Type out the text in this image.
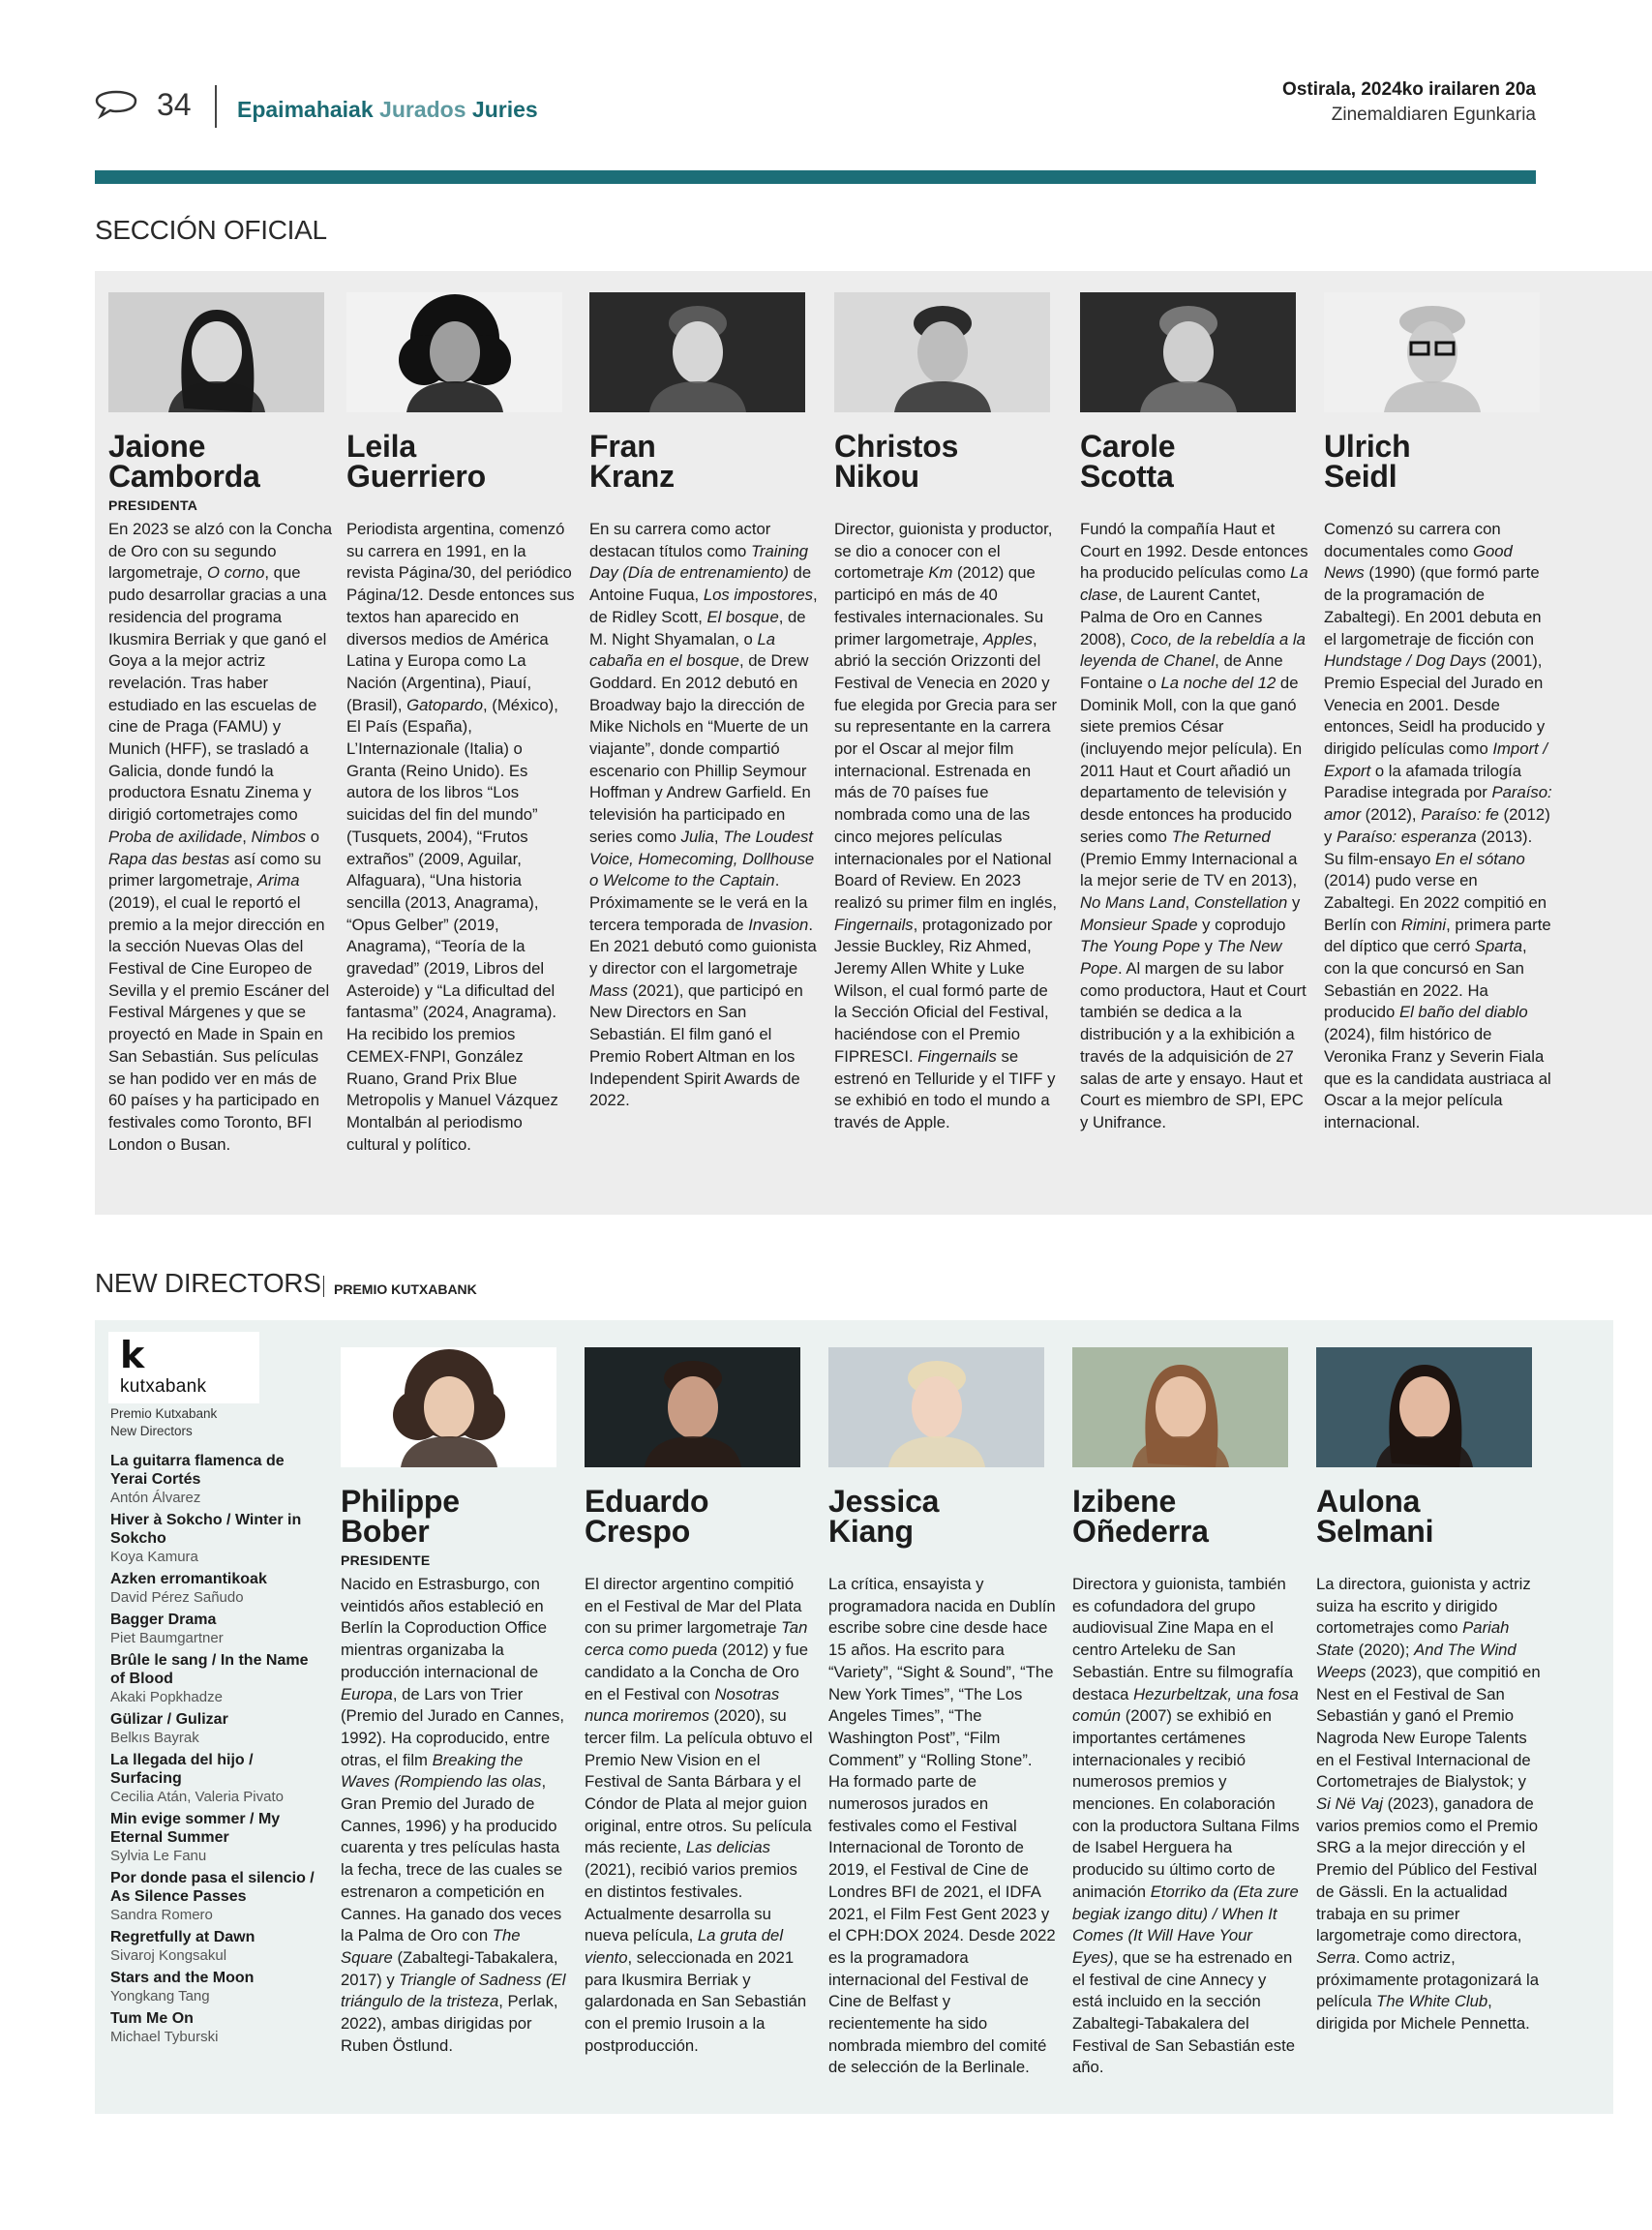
34 Epaimahaiak Jurados Juries
Ostirala, 2024ko irailaren 20a
Zinemaldiaren Egunkaria
SECCIÓN OFICIAL
Jaione
Camborda
PRESIDENTA
En 2023 se alzó con la Concha de Oro con su segundo largometraje, O corno, que pudo desarrollar gracias a una residencia del programa Ikusmira Berriak y que ganó el Goya a la mejor actriz revelación. Tras haber estudiado en las escuelas de cine de Praga (FAMU) y Munich (HFF), se trasladó a Galicia, donde fundó la productora Esnatu Zinema y dirigió cortometrajes como Proba de axilidade, Nimbos o Rapa das bestas así como su primer largometraje, Arima (2019), el cual le reportó el premio a la mejor dirección en la sección Nuevas Olas del Festival de Cine Europeo de Sevilla y el premio Escáner del Festival Márgenes y que se proyectó en Made in Spain en San Sebastián. Sus películas se han podido ver en más de 60 países y ha participado en festivales como Toronto, BFI London o Busan.
Leila
Guerriero
Periodista argentina, comenzó su carrera en 1991, en la revista Página/30, del periódico Página/12. Desde entonces sus textos han aparecido en diversos medios de América Latina y Europa como La Nación (Argentina), Piauí, (Brasil), Gatopardo, (México), El País (España), L’Internazionale (Italia) o Granta (Reino Unido). Es autora de los libros “Los suicidas del fin del mundo” (Tusquets, 2004), “Frutos extraños” (2009, Aguilar, Alfaguara), “Una historia sencilla (2013, Anagrama), “Opus Gelber” (2019, Anagrama), “Teoría de la gravedad” (2019, Libros del Asteroide) y “La dificultad del fantasma” (2024, Anagrama). Ha recibido los premios CEMEX-FNPI, González Ruano, Grand Prix Blue Metropolis y Manuel Vázquez Montalbán al periodismo cultural y político.
Fran
Kranz
En su carrera como actor destacan títulos como Training Day (Día de entrenamiento) de Antoine Fuqua, Los impostores, de Ridley Scott, El bosque, de M. Night Shyamalan, o La cabaña en el bosque, de Drew Goddard. En 2012 debutó en Broadway bajo la dirección de Mike Nichols en “Muerte de un viajante”, donde compartió escenario con Phillip Seymour Hoffman y Andrew Garfield. En televisión ha participado en series como Julia, The Loudest Voice, Homecoming, Dollhouse o Welcome to the Captain. Próximamente se le verá en la tercera temporada de Invasion. En 2021 debutó como guionista y director con el largometraje Mass (2021), que participó en New Directors en San Sebastián. El film ganó el Premio Robert Altman en los Independent Spirit Awards de 2022.
Christos
Nikou
Director, guionista y productor, se dio a conocer con el cortometraje Km (2012) que participó en más de 40 festivales internacionales. Su primer largometraje, Apples, abrió la sección Orizzonti del Festival de Venecia en 2020 y fue elegida por Grecia para ser su representante en la carrera por el Oscar al mejor film internacional. Estrenada en más de 70 países fue nombrada como una de las cinco mejores películas internacionales por el National Board of Review. En 2023 realizó su primer film en inglés, Fingernails, protagonizado por Jessie Buckley, Riz Ahmed, Jeremy Allen White y Luke Wilson, el cual formó parte de la Sección Oficial del Festival, haciéndose con el Premio FIPRESCI. Fingernails se estrenó en Telluride y el TIFF y se exhibió en todo el mundo a través de Apple.
Carole
Scotta
Fundó la compañía Haut et Court en 1992. Desde entonces ha producido películas como La clase, de Laurent Cantet, Palma de Oro en Cannes 2008), Coco, de la rebeldía a la leyenda de Chanel, de Anne Fontaine o La noche del 12 de Dominik Moll, con la que ganó siete premios César (incluyendo mejor película). En 2011 Haut et Court añadió un departamento de televisión y desde entonces ha producido series como The Returned (Premio Emmy Internacional a la mejor serie de TV en 2013), No Mans Land, Constellation y Monsieur Spade y coprodujo The Young Pope y The New Pope. Al margen de su labor como productora, Haut et Court también se dedica a la distribución y a la exhibición a través de la adquisición de 27 salas de arte y ensayo. Haut et Court es miembro de SPI, EPC y Unifrance.
Ulrich
Seidl
Comenzó su carrera con documentales como Good News (1990) (que formó parte de la programación de Zabaltegi). En 2001 debuta en el largometraje de ficción con Hundstage / Dog Days (2001), Premio Especial del Jurado en Venecia en 2001. Desde entonces, Seidl ha producido y dirigido películas como Import / Export o la afamada trilogía Paradise integrada por Paraíso: amor (2012), Paraíso: fe (2012) y Paraíso: esperanza (2013). Su film-ensayo En el sótano (2014) pudo verse en Zabaltegi. En 2022 compitió en Berlín con Rimini, primera parte del díptico que cerró Sparta, con la que concursó en San Sebastián en 2022. Ha producido El baño del diablo (2024), film histórico de Veronika Franz y Severin Fiala que es la candidata austriaca al Oscar a la mejor película internacional.
NEW DIRECTORS PREMIO KUTXABANK
k
kutxabank
Premio Kutxabank
New Directors
La guitarra flamenca de Yerai Cortés
Antón Álvarez
Hiver à Sokcho / Winter in Sokcho
Koya Kamura
Azken erromantikoak
David Pérez Sañudo
Bagger Drama
Piet Baumgartner
Brûle le sang / In the Name of Blood
Akaki Popkhadze
Gülizar / Gulizar
Belkıs Bayrak
La llegada del hijo / Surfacing
Cecilia Atán, Valeria Pivato
Min evige sommer / My Eternal Summer
Sylvia Le Fanu
Por donde pasa el silencio / As Silence Passes
Sandra Romero
Regretfully at Dawn
Sivaroj Kongsakul
Stars and the Moon
Yongkang Tang
Tum Me On
Michael Tyburski
Philippe
Bober
PRESIDENTE
Nacido en Estrasburgo, con veintidós años estableció en Berlín la Coproduction Office mientras organizaba la producción internacional de Europa, de Lars von Trier (Premio del Jurado en Cannes, 1992). Ha coproducido, entre otras, el film Breaking the Waves (Rompiendo las olas, Gran Premio del Jurado de Cannes, 1996) y ha producido cuarenta y tres películas hasta la fecha, trece de las cuales se estrenaron a competición en Cannes. Ha ganado dos veces la Palma de Oro con The Square (Zabaltegi-Tabakalera, 2017) y Triangle of Sadness (El triángulo de la tristeza, Perlak, 2022), ambas dirigidas por Ruben Östlund.
Eduardo
Crespo
El director argentino compitió en el Festival de Mar del Plata con su primer largometraje Tan cerca como pueda (2012) y fue candidato a la Concha de Oro en el Festival con Nosotras nunca moriremos (2020), su tercer film. La película obtuvo el Premio New Vision en el Festival de Santa Bárbara y el Cóndor de Plata al mejor guion original, entre otros. Su película más reciente, Las delicias (2021), recibió varios premios en distintos festivales. Actualmente desarrolla su nueva película, La gruta del viento, seleccionada en 2021 para Ikusmira Berriak y galardonada en San Sebastián con el premio Irusoin a la postproducción.
Jessica
Kiang
La crítica, ensayista y programadora nacida en Dublín escribe sobre cine desde hace 15 años. Ha escrito para “Variety”, “Sight & Sound”, “The New York Times”, “The Los Angeles Times”, “The Washington Post”, “Film Comment” y “Rolling Stone”. Ha formado parte de numerosos jurados en festivales como el Festival Internacional de Toronto de 2019, el Festival de Cine de Londres BFI de 2021, el IDFA 2021, el Film Fest Gent 2023 y el CPH:DOX 2024. Desde 2022 es la programadora internacional del Festival de Cine de Belfast y recientemente ha sido nombrada miembro del comité de selección de la Berlinale.
Izibene
Oñederra
Directora y guionista, también es cofundadora del grupo audiovisual Zine Mapa en el centro Arteleku de San Sebastián. Entre su filmografía destaca Hezurbeltzak, una fosa común (2007) se exhibió en importantes certámenes internacionales y recibió numerosos premios y menciones. En colaboración con la productora Sultana Films de Isabel Herguera ha producido su último corto de animación Etorriko da (Eta zure begiak izango ditu) / When It Comes (It Will Have Your Eyes), que se ha estrenado en el festival de cine Annecy y está incluido en la sección Zabaltegi-Tabakalera del Festival de San Sebastián este año.
Aulona
Selmani
La directora, guionista y actriz suiza ha escrito y dirigido cortometrajes como Pariah State (2020); And The Wind Weeps (2023), que compitió en Nest en el Festival de San Sebastián y ganó el Premio Nagroda New Europe Talents en el Festival Internacional de Cortometrajes de Bialystok; y Si Në Vaj (2023), ganadora de varios premios como el Premio SRG a la mejor dirección y el Premio del Público del Festival de Gässli. En la actualidad trabaja en su primer largometraje como directora, Serra. Como actriz, próximamente protagonizará la película The White Club, dirigida por Michele Pennetta.
